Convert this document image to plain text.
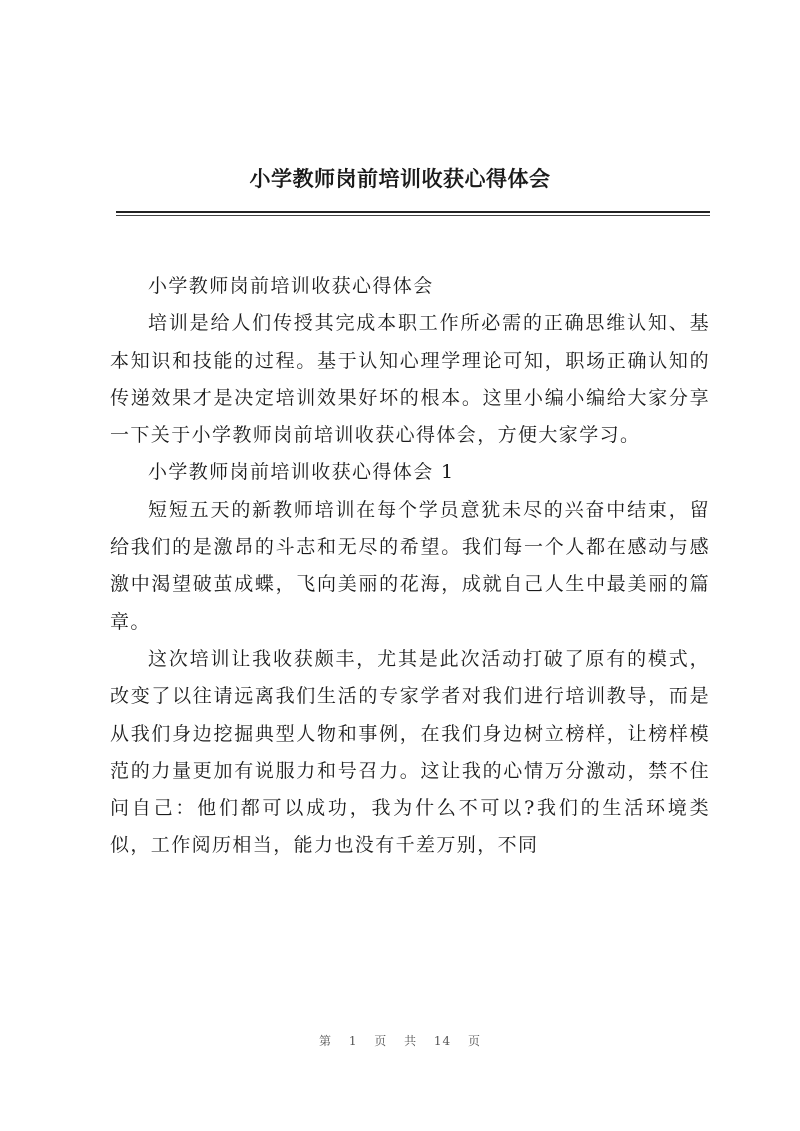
小学教师岗前培训收获心得体会

小学教师岗前培训收获心得体会

培训是给人们传授其完成本职工作所必需的正确思维认知、基本知识和技能的过程。基于认知心理学理论可知，职场正确认知的传递效果才是决定培训效果好坏的根本。这里小编小编给大家分享一下关于小学教师岗前培训收获心得体会，方便大家学习。

小学教师岗前培训收获心得体会 1

短短五天的新教师培训在每个学员意犹未尽的兴奋中结束，留给我们的是激昂的斗志和无尽的希望。我们每一个人都在感动与感激中渴望破茧成蝶，飞向美丽的花海，成就自己人生中最美丽的篇章。

这次培训让我收获颇丰，尤其是此次活动打破了原有的模式，改变了以往请远离我们生活的专家学者对我们进行培训教导，而是从我们身边挖掘典型人物和事例，在我们身边树立榜样，让榜样模范的力量更加有说服力和号召力。这让我的心情万分激动，禁不住问自己：他们都可以成功，我为什么不可以?我们的生活环境类似，工作阅历相当，能力也没有千差万别，不同

第 1 页 共 14 页
